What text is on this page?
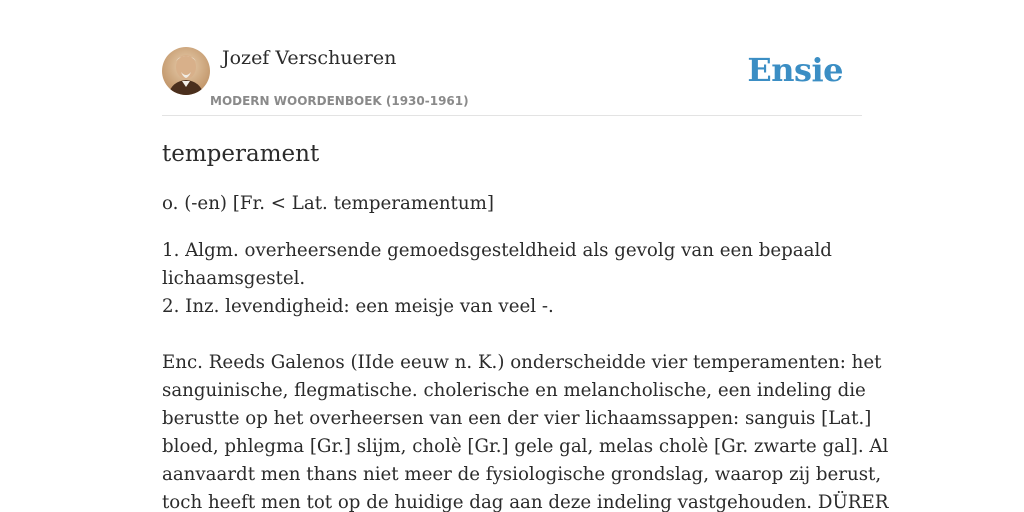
Jozef Verschueren
MODERN WOORDENBOEK (1930-1961)
Ensie
temperament

o. (-en) [Fr. < Lat. temperamentum]

1. Algm. overheersende gemoedsgesteldheid als gevolg van een bepaald
lichaamsgestel.
2. Inz. levendigheid: een meisje van veel -.
Enc. Reeds Galenos (IIde eeuw n. K.) onderscheidde vier temperamenten: het
sanguinische, flegmatische. cholerische en melancholische, een indeling die
berustte op het overheersen van een der vier lichaamssappen: sanguis [Lat.]
bloed, phlegma [Gr.] slijm, cholè [Gr.] gele gal, melas cholè [Gr. zwarte gal]. Al
aanvaardt men thans niet meer de fysiologische grondslag, waarop zij berust,
toch heeft men tot op de huidige dag aan deze indeling vastgehouden. DÜRER
